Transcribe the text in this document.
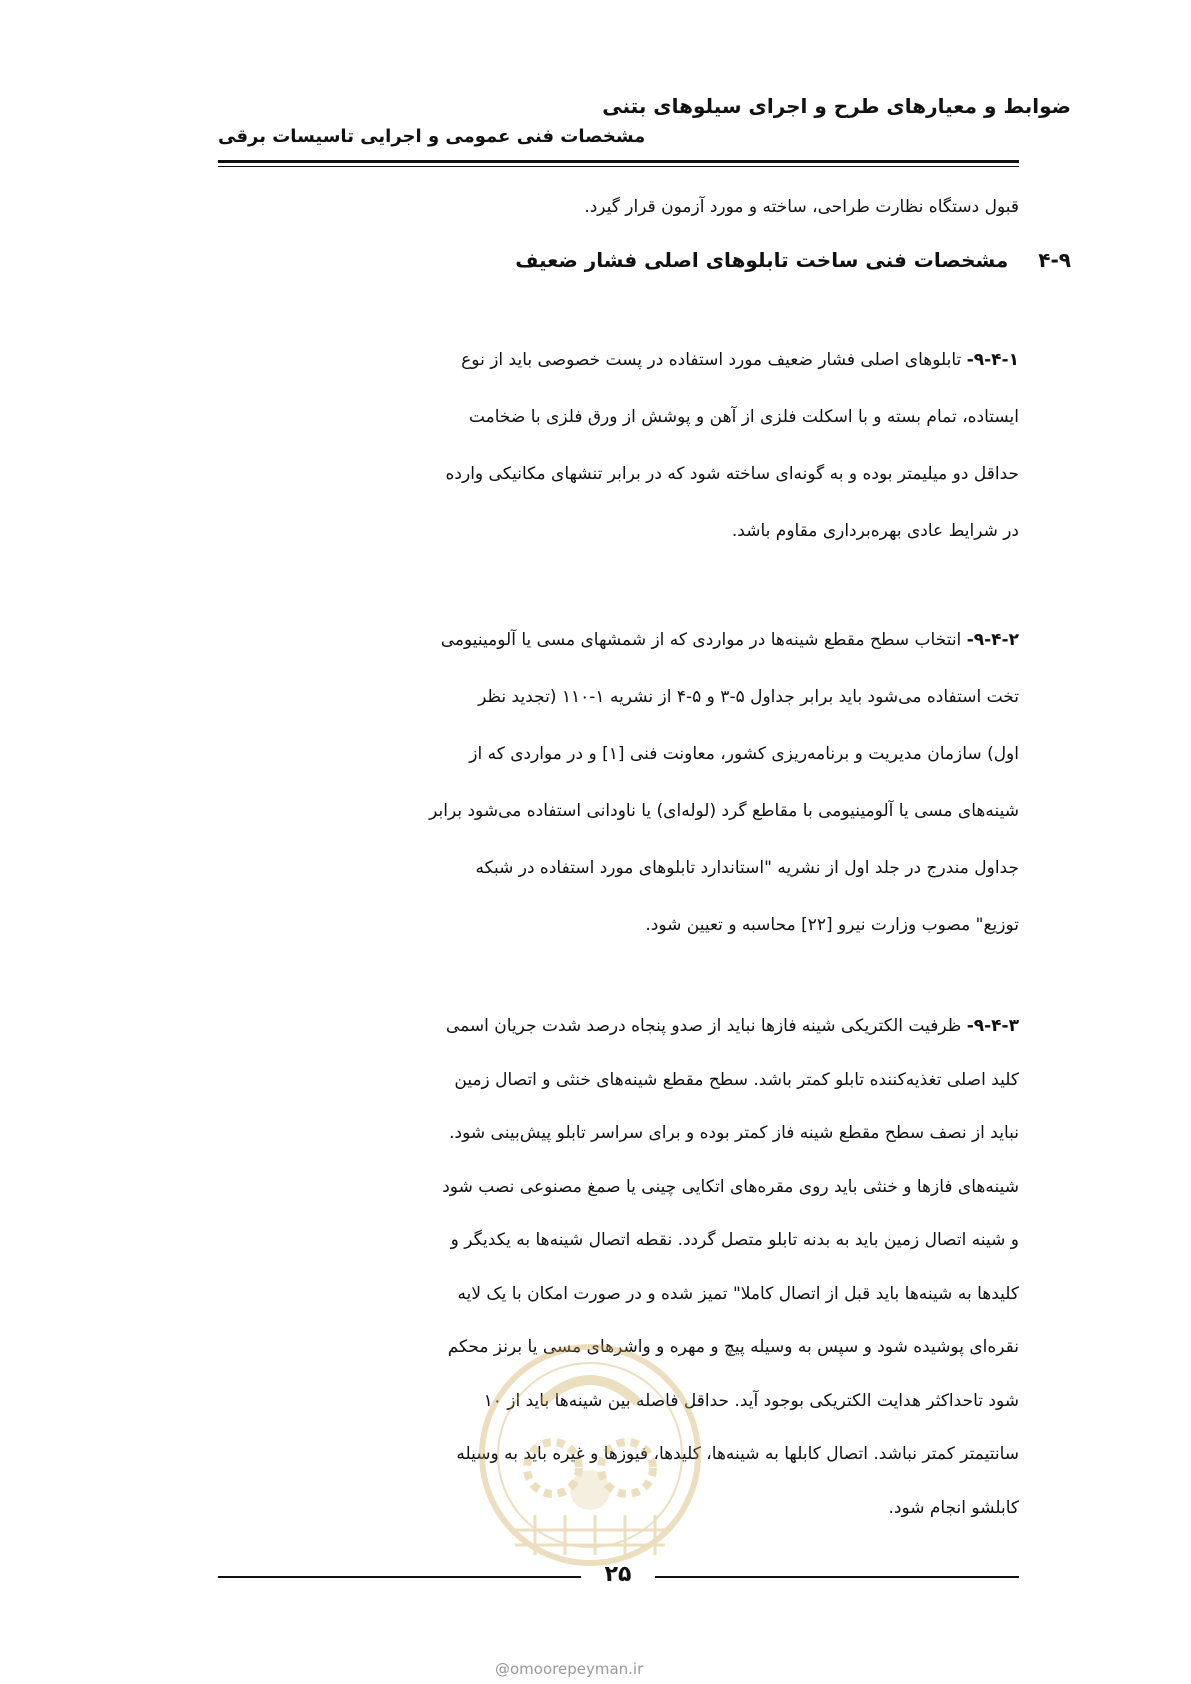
ضوابط و معیارهای طرح و اجرای سیلوهای بتنی
مشخصات فنی عمومی و اجرایی تاسیسات برقی

قبول دستگاه نظارت طراحی، ساخته و مورد آزمون قرار گیرد.

۴-۹
مشخصات فنی ساخت تابلوهای اصلی فشار ضعیف

۹-۴-۱- تابلوهای اصلی فشار ضعیف مورد استفاده در پست خصوصی باید از نوع

ایستاده، تمام بسته و با اسکلت فلزی از آهن و پوشش از ورق فلزی با ضخامت

حداقل دو میلیمتر بوده و به گونه‌ای ساخته شود که در برابر تنشهای مکانیکی وارده

در شرایط عادی بهره‌برداری مقاوم باشد.

۹-۴-۲- انتخاب سطح مقطع شینه‌ها در مواردی که از شمشهای مسی یا آلومینیومی

تخت استفاده می‌شود باید برابر جداول ۵-۳ و ۵-۴ از نشریه ۱-۱۱۰ (تجدید نظر

اول) سازمان مدیریت و برنامه‌ریزی کشور، معاونت فنی [۱] و در مواردی که از

شینه‌های مسی یا آلومینیومی با مقاطع گرد (لوله‌ای) یا ناودانی استفاده می‌شود برابر

جداول مندرج در جلد اول از نشریه "استاندارد تابلوهای مورد استفاده در شبکه

توزیع" مصوب وزارت نیرو [۲۲] محاسبه و تعیین شود.

۹-۴-۳- ظرفیت الکتریکی شینه فازها نباید از صدو پنجاه درصد شدت جریان اسمی

کلید اصلی تغذیه‌کننده تابلو کمتر باشد. سطح مقطع شینه‌های خنثی و اتصال زمین

نباید از نصف سطح مقطع شینه فاز کمتر بوده و برای سراسر تابلو پیش‌بینی شود.

شینه‌های فازها و خنثی باید روی مقره‌های اتکایی چینی یا صمغ مصنوعی نصب شود

و شینه اتصال زمین باید به بدنه تابلو متصل گردد. نقطه اتصال شینه‌ها به یکدیگر و

کلیدها به شینه‌ها باید قبل از اتصال کاملا" تمیز شده و در صورت امکان با یک لایه

نقره‌ای پوشیده شود و سپس به وسیله پیچ و مهره و واشرهای مسی یا برنز محکم

شود تاحداکثر هدایت الکتریکی بوجود آید. حداقل فاصله بین شینه‌ها باید از ۱۰

سانتیمتر کمتر نباشد. اتصال کابلها به شینه‌ها، کلیدها، فیوزها و غیره باید به وسیله

کابلشو انجام شود.

۲۵
@omoorepeyman.ir
